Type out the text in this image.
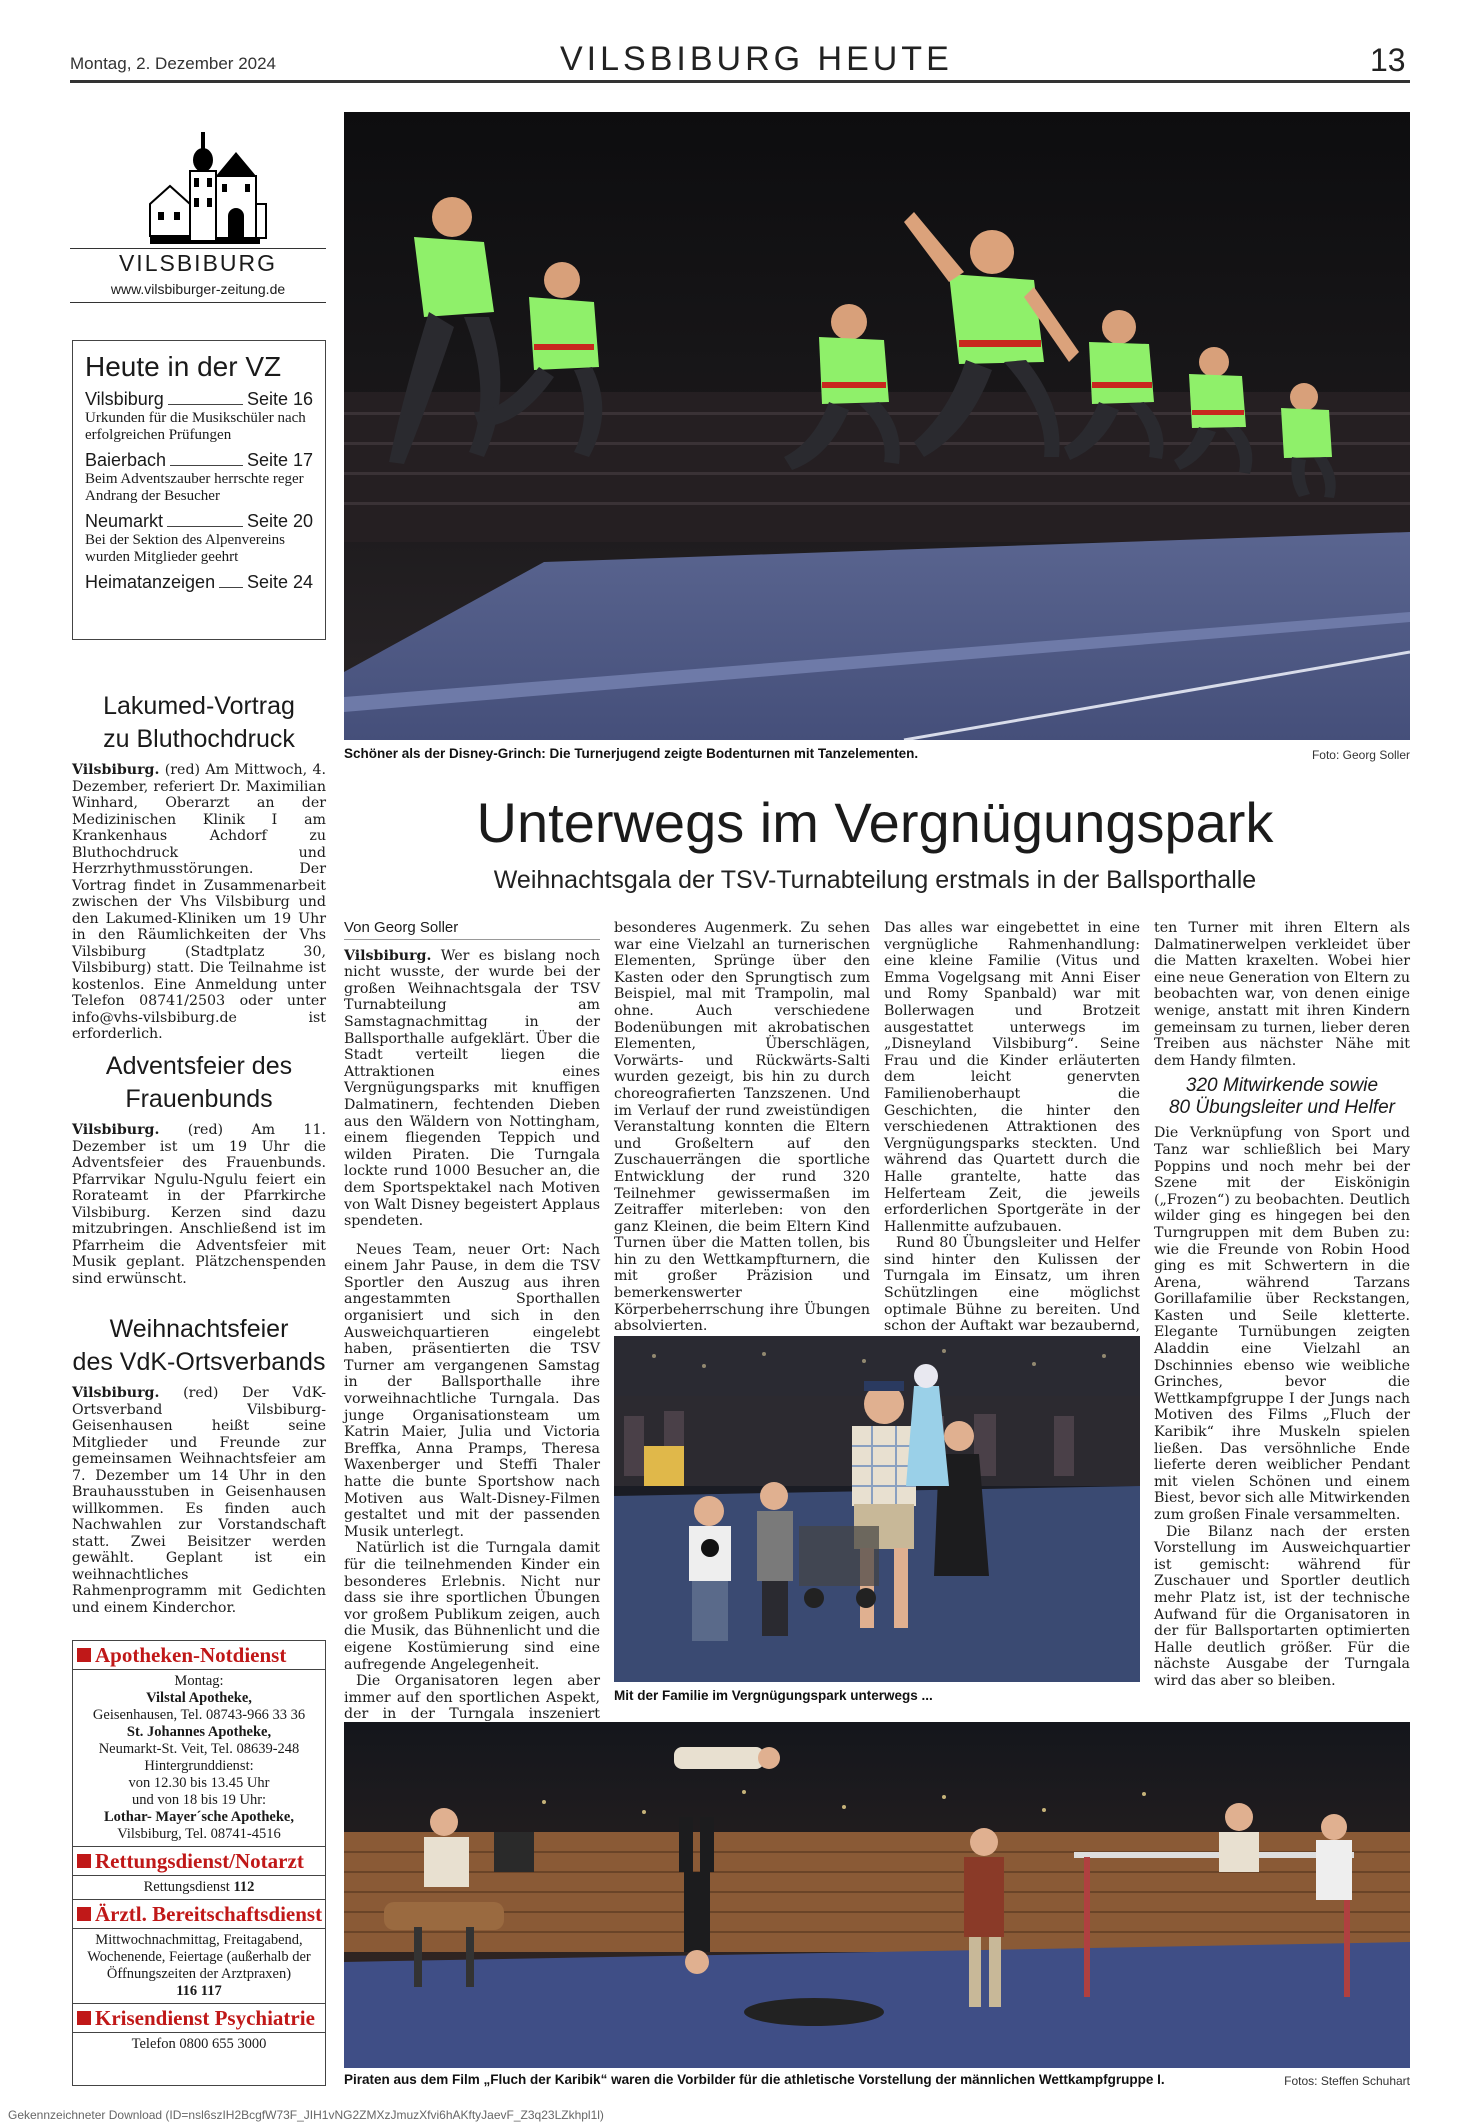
Montag, 2. Dezember 2024	VILSBIBURG HEUTE	13
VILSBIBURG
www.vilsbiburger-zeitung.de
Heute in der VZ
Vilsbiburg	Seite 16
Urkunden für die Musikschüler nach erfolgreichen Prüfungen
Baierbach	Seite 17
Beim Adventszauber herrschte reger Andrang der Besucher
Neumarkt	Seite 20
Bei der Sektion des Alpenvereins wurden Mitglieder geehrt
Heimatanzeigen Seite 24
Lakumed-Vortrag
zu Bluthochdruck
Vilsbiburg. (red) Am Mittwoch, 4. Dezember, referiert Dr. Maximilian Winhard, Oberarzt an der Medizinischen Klinik I am Krankenhaus Achdorf zu Bluthochdruck und Herzrhythmusstörungen. Der Vortrag findet in Zusammenarbeit zwischen der Vhs Vilsbiburg und den Lakumed-Kliniken um 19 Uhr in den Räumlichkeiten der Vhs Vilsbiburg (Stadtplatz 30, Vilsbiburg) statt. Die Teilnahme ist kostenlos. Eine Anmeldung unter Telefon 08741/2503 oder unter info@vhs-vilsbiburg.de ist erforderlich.
Adventsfeier des
Frauenbunds
Vilsbiburg. (red) Am 11. Dezember ist um 19 Uhr die Adventsfeier des Frauenbunds. Pfarrvikar Ngulu-Ngulu feiert ein Rorateamt in der Pfarrkirche Vilsbiburg. Kerzen sind dazu mitzubringen. Anschließend ist im Pfarrheim die Adventsfeier mit Musik geplant. Plätzchenspenden sind erwünscht.
Weihnachtsfeier
des VdK-Ortsverbands
Vilsbiburg. (red) Der VdK-Ortsverband Vilsbiburg-Geisenhausen heißt seine Mitglieder und Freunde zur gemeinsamen Weihnachtsfeier am 7. Dezember um 14 Uhr in den Brauhausstuben in Geisenhausen willkommen. Es finden auch Nachwahlen zur Vorstandschaft statt. Zwei Beisitzer werden gewählt. Geplant ist ein weihnachtliches Rahmenprogramm mit Gedichten und einem Kinderchor.
Apotheken-Notdienst
Montag:
Vilstal Apotheke,
Geisenhausen, Tel. 08743-966 33 36
St. Johannes Apotheke,
Neumarkt-St. Veit, Tel. 08639-248
Hintergrunddienst:
von 12.30 bis 13.45 Uhr
und von 18 bis 19 Uhr:
Lothar- Mayer´sche Apotheke,
Vilsbiburg, Tel. 08741-4516
Rettungsdienst/Notarzt
Rettungsdienst 112
Ärztl. Bereitschaftsdienst
Mittwochnachmittag, Freitagabend, Wochenende, Feiertage (außerhalb der Öffnungszeiten der Arztpraxen)
116 117
Krisendienst Psychiatrie
Telefon 0800 655 3000
Schöner als der Disney-Grinch: Die Turnerjugend zeigte Bodenturnen mit Tanzelementen.	Foto: Georg Soller
Unterwegs im Vergnügungspark
Weihnachtsgala der TSV-Turnabteilung erstmals in der Ballsporthalle
Von Georg Soller

Vilsbiburg. Wer es bislang noch nicht wusste, der wurde bei der großen Weihnachtsgala der TSV Turnabteilung am Samstagnachmittag in der Ballsporthalle aufgeklärt. Über die Stadt verteilt liegen die Attraktionen eines Vergnügungsparks mit knuffigen Dalmatinern, fechtenden Dieben aus den Wäldern von Nottingham, einem fliegenden Teppich und wilden Piraten. Die Turngala lockte rund 1000 Besucher an, die dem Sportspektakel nach Motiven von Walt Disney begeistert Applaus spendeten.

Neues Team, neuer Ort: Nach einem Jahr Pause, in dem die TSV Sportler den Auszug aus ihren angestammten Sporthallen organisiert und sich in den Ausweichquartieren eingelebt haben, präsentierten die TSV Turner am vergangenen Samstag in der Ballsporthalle ihre vorweihnachtliche Turngala. Das junge Organisationsteam um Katrin Maier, Julia und Victoria Breffka, Anna Pramps, Theresa Waxenberger und Steffi Thaler hatte die bunte Sportshow nach Motiven aus Walt-Disney-Filmen gestaltet und mit der passenden Musik unterlegt.

Natürlich ist die Turngala damit für die teilnehmenden Kinder ein besonderes Erlebnis. Nicht nur dass sie ihre sportlichen Übungen vor großem Publikum zeigen, auch die Musik, das Bühnenlicht und die eigene Kostümierung sind eine aufregende Angelegenheit.

Die Organisatoren legen aber immer auf den sportlichen Aspekt, der in der Turngala inszeniert

besonderes Augenmerk. Zu sehen war eine Vielzahl an turnerischen Elementen, Sprünge über den Kasten oder den Sprungtisch zum Beispiel, mal mit Trampolin, mal ohne. Auch verschiedene Bodenübungen mit akrobatischen Elementen, Überschlägen, Vorwärts- und Rückwärts-Salti wurden gezeigt, bis hin zu durch choreografierten Tanzszenen. Und im Verlauf der rund zweistündigen Veranstaltung konnten die Eltern und Großeltern auf den Zuschauerrängen die sportliche Entwicklung der rund 320 Teilnehmer gewissermaßen im Zeitraffer miterleben: von den ganz Kleinen, die beim Eltern Kind Turnen über die Matten tollen, bis hin zu den Wettkampfturnern, die mit großer Präzision und bemerkenswerter Körperbeherrschung ihre Übungen absolvierten.

Das alles war eingebettet in eine vergnügliche Rahmenhandlung: eine kleine Familie (Vitus und Emma Vogelgsang mit Anni Eiser und Romy Spanbald) war mit Bollerwagen und Brotzeit ausgestattet unterwegs im „Disneyland Vilsbiburg“. Seine Frau und die Kinder erläuterten dem leicht genervten Familienoberhaupt die Geschichten, die hinter den verschiedenen Attraktionen des Vergnügungsparks steckten. Und während das Quartett durch die Halle grantelte, hatte das Helferteam Zeit, die jeweils erforderlichen Sportgeräte in der Hallenmitte aufzubauen.

Rund 80 Übungsleiter und Helfer sind hinter den Kulissen der Turngala im Einsatz, um ihren Schützlingen eine möglichst optimale Bühne zu bereiten. Und schon der Auftakt war bezaubernd,

ten Turner mit ihren Eltern als Dalmatinerwelpen verkleidet über die Matten kraxelten. Wobei hier eine neue Generation von Eltern zu beobachten war, von denen einige wenige, anstatt mit ihren Kindern gemeinsam zu turnen, lieber deren Treiben aus nächster Nähe mit dem Handy filmten.

320 Mitwirkende sowie
80 Übungsleiter und Helfer

Die Verknüpfung von Sport und Tanz war schließlich bei Mary Poppins und noch mehr bei der Szene mit der Eiskönigin („Frozen“) zu beobachten. Deutlich wilder ging es hingegen bei den Turngruppen mit dem Buben zu: wie die Freunde von Robin Hood ging es mit Schwertern in die Arena, während Tarzans Gorillafamilie über Reckstangen, Kasten und Seile kletterte. Elegante Turnübungen zeigten Aladdin eine Vielzahl an Dschinnies ebenso wie weibliche Grinches, bevor die Wettkampfgruppe I der Jungs nach Motiven des Films „Fluch der Karibik“ ihre Muskeln spielen ließen. Das versöhnliche Ende lieferte deren weiblicher Pendant mit vielen Schönen und einem Biest, bevor sich alle Mitwirkenden zum großen Finale versammelten.

Die Bilanz nach der ersten Vorstellung im Ausweichquartier ist gemischt: während für Zuschauer und Sportler deutlich mehr Platz ist, ist der technische Aufwand für die Organisatoren in der für Ballsportarten optimierten Halle deutlich größer. Für die nächste Ausgabe der Turngala wird das aber so bleiben.

Mit der Familie im Vergnügungspark unterwegs ...
Piraten aus dem Film „Fluch der Karibik“ waren die Vorbilder für die athletische Vorstellung der männlichen Wettkampfgruppe I.	Fotos: Steffen Schuhart
Gekennzeichneter Download (ID=nsl6szIH2BcgfW73F_JIH1vNG2ZMXzJmuzXfvi6hAKftyJaevF_Z3q23LZkhpl1l)
